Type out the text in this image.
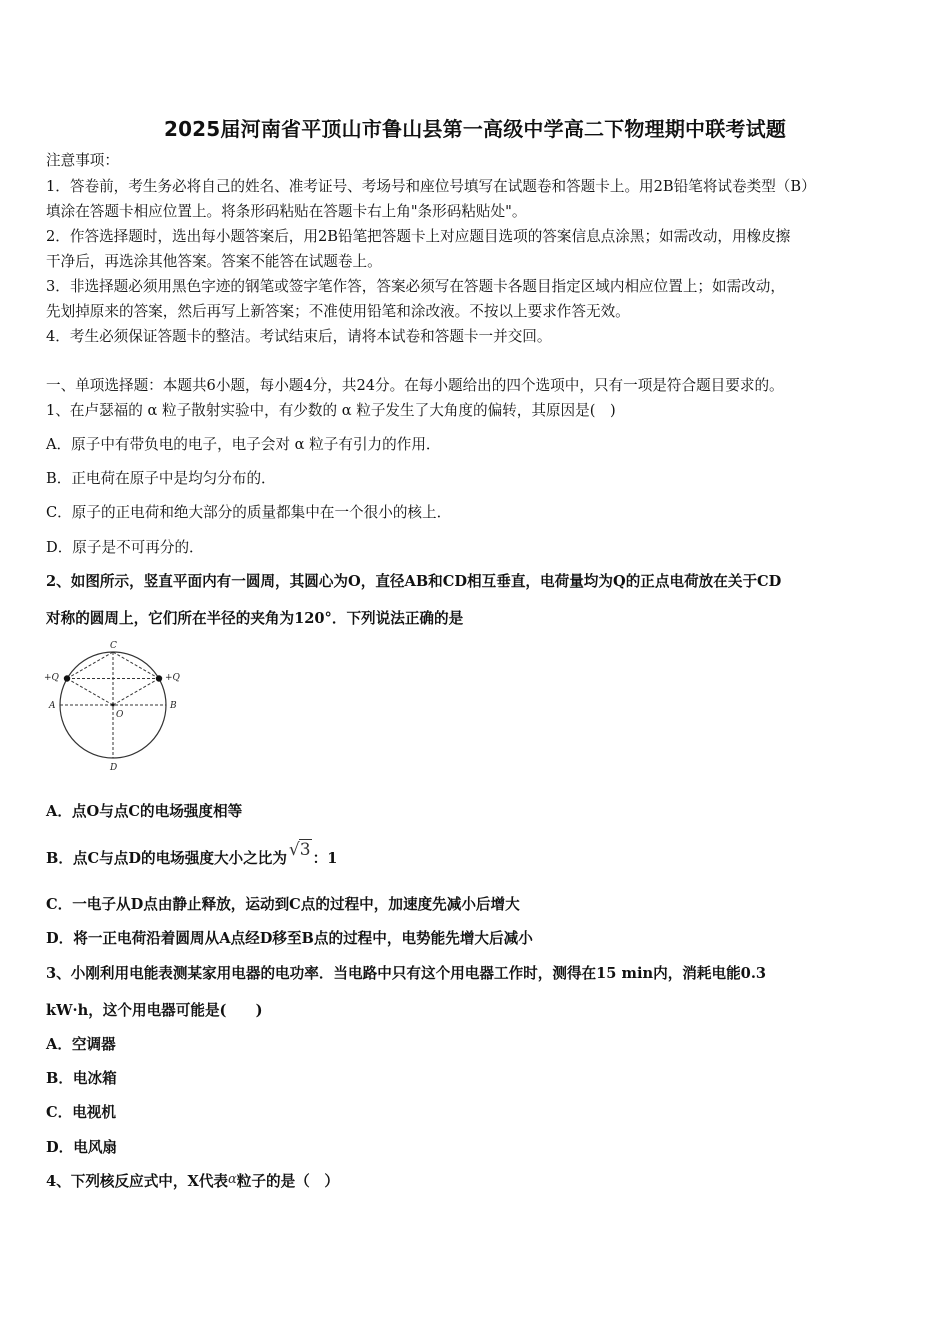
2025届河南省平顶山市鲁山县第一高级中学高二下物理期中联考试题
注意事项：
1．答卷前，考生务必将自己的姓名、准考证号、考场号和座位号填写在试题卷和答题卡上。用2B铅笔将试卷类型（B）
填涂在答题卡相应位置上。将条形码粘贴在答题卡右上角"条形码粘贴处"。
2．作答选择题时，选出每小题答案后，用2B铅笔把答题卡上对应题目选项的答案信息点涂黑；如需改动，用橡皮擦
干净后，再选涂其他答案。答案不能答在试题卷上。
3．非选择题必须用黑色字迹的钢笔或签字笔作答，答案必须写在答题卡各题目指定区域内相应位置上；如需改动，
先划掉原来的答案，然后再写上新答案；不准使用铅笔和涂改液。不按以上要求作答无效。
4．考生必须保证答题卡的整洁。考试结束后，请将本试卷和答题卡一并交回。
一、单项选择题：本题共6小题，每小题4分，共24分。在每小题给出的四个选项中，只有一项是符合题目要求的。
1、在卢瑟福的 α 粒子散射实验中，有少数的 α 粒子发生了大角度的偏转，其原因是(　)
A．原子中有带负电的电子，电子会对 α 粒子有引力的作用．
B．正电荷在原子中是均匀分布的．
C．原子的正电荷和绝大部分的质量都集中在一个很小的核上．
D．原子是不可再分的．
2、如图所示，竖直平面内有一圆周，其圆心为O，直径AB和CD相互垂直，电荷量均为Q的正点电荷放在关于CD
对称的圆周上，它们所在半径的夹角为120°．下列说法正确的是
C
D
A	B
O
+Q	+Q
A．点O与点C的电场强度相等
B．点C与点D的电场强度大小之比为 √
3 ：1
C．一电子从D点由静止释放，运动到C点的过程中，加速度先减小后增大
D．将一正电荷沿着圆周从A点经D移至B点的过程中，电势能先增大后减小
3、小刚利用电能表测某家用电器的电功率．当电路中只有这个用电器工作时，测得在15 min内，消耗电能0.3
kW·h，这个用电器可能是(　　)
A．空调器
B．电冰箱
C．电视机
D．电风扇
4、下列核反应式中，X代表α粒子的是（　）
